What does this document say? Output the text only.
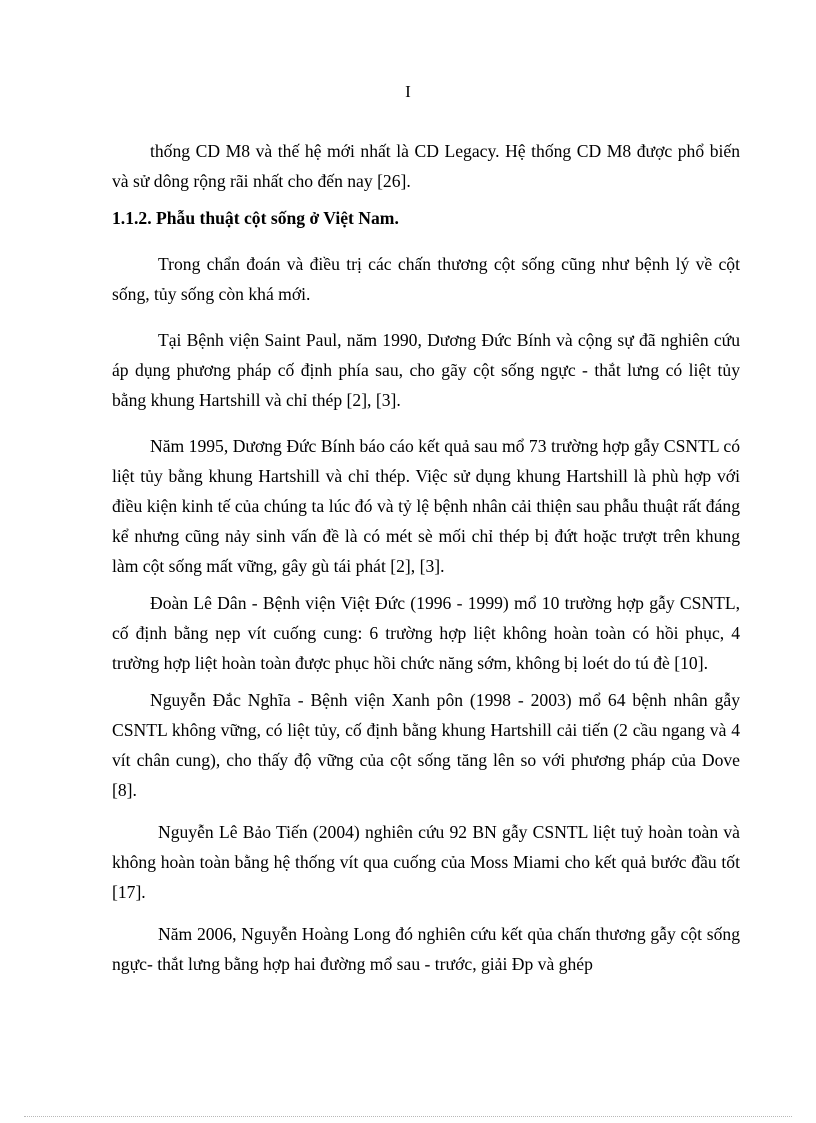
I

thống CD M8 và thế hệ mới nhất là CD Legacy. Hệ thống CD M8 được phổ biến và sử dông rộng rãi nhất cho đến nay [26].

1.1.2. Phẫu thuật cột sống ở Việt Nam.

Trong chẩn đoán và điều trị các chấn thương cột sống cũng như bệnh lý về cột sống, tủy sống còn khá mới.

Tại Bệnh viện Saint Paul, năm 1990, Dương Đức Bính và cộng sự đã nghiên cứu áp dụng phương pháp cố định phía sau, cho gãy cột sống ngực - thắt lưng có liệt tủy bằng khung Hartshill và chỉ thép [2], [3].

Năm 1995, Dương Đức Bính báo cáo kết quả sau mổ 73 trường hợp gẫy CSNTL có liệt tủy bằng khung Hartshill và chỉ thép. Việc sử dụng khung Hartshill là phù hợp với điều kiện kinh tế của chúng ta lúc đó và tỷ lệ bệnh nhân cải thiện sau phẫu thuật rất đáng kể nhưng cũng nảy sinh vấn đề là có mét sè mối chỉ thép bị đứt hoặc trượt trên khung làm cột sống mất vững, gây gù tái phát [2], [3].

Đoàn Lê Dân - Bệnh viện Việt Đức (1996 - 1999) mổ 10 trường hợp gẫy CSNTL, cố định bằng nẹp vít cuống cung: 6 trường hợp liệt không hoàn toàn có hồi phục, 4 trường hợp liệt hoàn toàn được phục hồi chức năng sớm, không bị loét do tú đè [10].

Nguyễn Đắc Nghĩa - Bệnh viện Xanh pôn (1998 - 2003) mổ 64 bệnh nhân gẫy CSNTL không vững, có liệt tủy, cố định bằng khung Hartshill cải tiến (2 cầu ngang và 4 vít chân cung), cho thấy độ vững của cột sống tăng lên so với phương pháp của Dove [8].

Nguyễn Lê Bảo Tiến (2004) nghiên cứu 92 BN gẫy CSNTL liệt tuỷ hoàn toàn và không hoàn toàn bằng hệ thống vít qua cuống của Moss Miami cho kết quả bước đầu tốt [17].

Năm 2006, Nguyễn Hoàng Long đó nghiên cứu kết qủa chấn thương gẫy cột sống ngực- thắt lưng bằng hợp hai đường mổ sau - trước, giải Ðp và ghép
